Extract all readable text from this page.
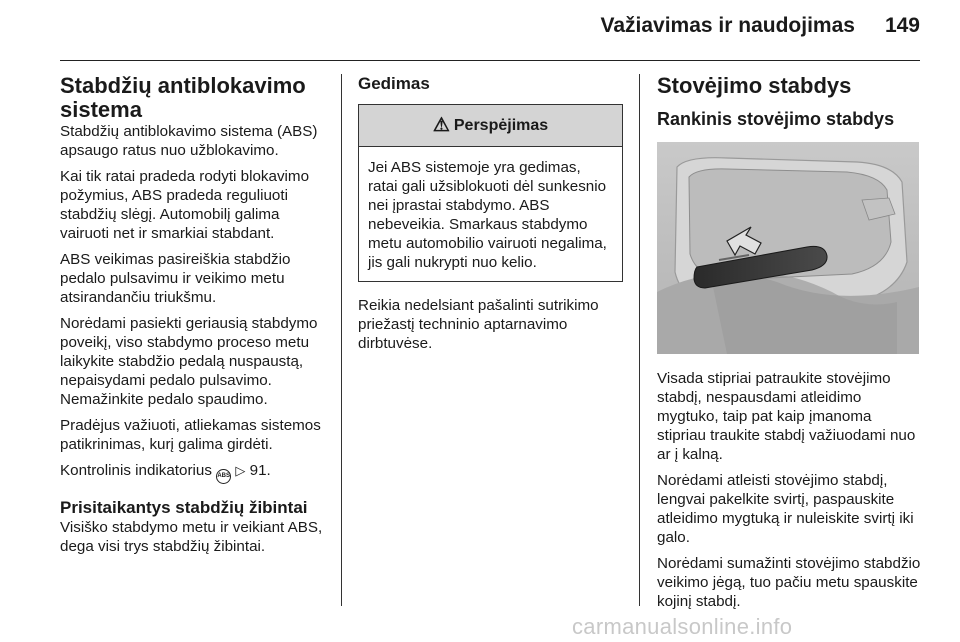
Važiavimas ir naudojimas 149
Stabdžių antiblokavimo sistema

Stabdžių antiblokavimo sistema (ABS) apsaugo ratus nuo užblokavimo.

Kai tik ratai pradeda rodyti blokavimo požymius, ABS pradeda reguliuoti stabdžių slėgį. Automobilį galima vairuoti net ir smarkiai stabdant.

ABS veikimas pasireiškia stabdžio pedalo pulsavimu ir veikimo metu atsirandančiu triukšmu.

Norėdami pasiekti geriausią stabdymo poveikį, viso stabdymo proceso metu laikykite stabdžio pedalą nuspaustą, nepaisydami pedalo pulsavimo. Nemažinkite pedalo spaudimo.

Pradėjus važiuoti, atliekamas sistemos patikrinimas, kurį galima girdėti.

Kontrolinis indikatorius ABS ▷ 91.

Prisitaikantys stabdžių žibintai

Visiško stabdymo metu ir veikiant ABS, dega visi trys stabdžių žibintai.

Gedimas
⚠ Perspėjimas
Jei ABS sistemoje yra gedimas, ratai gali užsiblokuoti dėl sunkesnio nei įprastai stabdymo. ABS nebeveikia. Smarkaus stabdymo metu automobilio vairuoti negalima, jis gali nukrypti nuo kelio.

Reikia nedelsiant pašalinti sutrikimo priežastį techninio aptarnavimo dirbtuvėse.

Stovėjimo stabdys
Rankinis stovėjimo stabdys

Visada stipriai patraukite stovėjimo stabdį, nespausdami atleidimo mygtuko, taip pat kaip įmanoma stipriau traukite stabdį važiuodami nuo ar į kalną.

Norėdami atleisti stovėjimo stabdį, lengvai pakelkite svirtį, paspauskite atleidimo mygtuką ir nuleiskite svirtį iki galo.

Norėdami sumažinti stovėjimo stabdžio veikimo jėgą, tuo pačiu metu spauskite kojinį stabdį.

carmanualsonline.info
